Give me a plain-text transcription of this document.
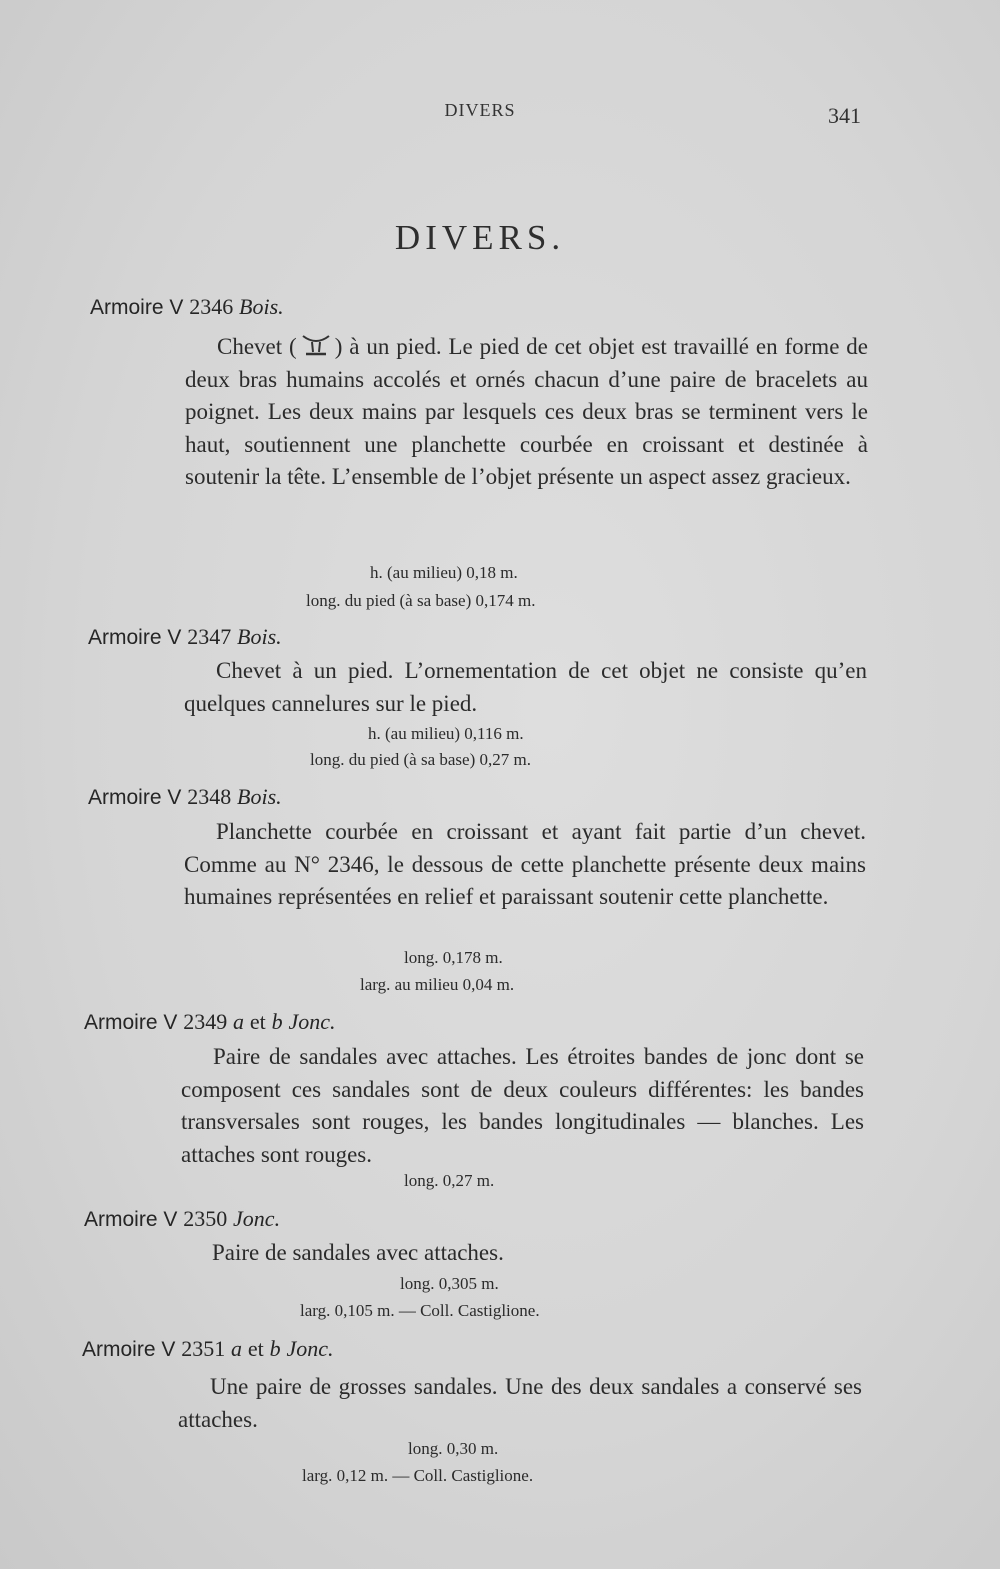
DIVERS	341
DIVERS.
Armoire V 2346 Bois.
Chevet ( ) à un pied. Le pied de cet objet est travaillé en forme de deux bras humains accolés et ornés chacun d’une paire de bracelets au poignet. Les deux mains par lesquels ces deux bras se terminent vers le haut, soutiennent une planchette courbée en croissant et destinée à soutenir la tête. L’ensemble de l’objet présente un aspect assez gracieux.
h. (au milieu) 0,18 m.
long. du pied (à sa base) 0,174 m.
Armoire V 2347 Bois.
Chevet à un pied. L’ornementation de cet objet ne consiste qu’en quelques cannelures sur le pied.
h. (au milieu) 0,116 m.
long. du pied (à sa base) 0,27 m.
Armoire V 2348 Bois.
Planchette courbée en croissant et ayant fait partie d’un chevet. Comme au N° 2346, le dessous de cette planchette présente deux mains humaines représentées en relief et paraissant soutenir cette planchette.
long. 0,178 m.
larg. au milieu 0,04 m.
Armoire V 2349 a et b Jonc.
Paire de sandales avec attaches. Les étroites bandes de jonc dont se composent ces sandales sont de deux couleurs différentes: les bandes transversales sont rouges, les bandes longitudinales — blanches. Les attaches sont rouges.
long. 0,27 m.
Armoire V 2350 Jonc.
Paire de sandales avec attaches.
long. 0,305 m.
larg. 0,105 m. — Coll. Castiglione.
Armoire V 2351 a et b Jonc.
Une paire de grosses sandales. Une des deux sandales a conservé ses attaches.
long. 0,30 m.
larg. 0,12 m. — Coll. Castiglione.
